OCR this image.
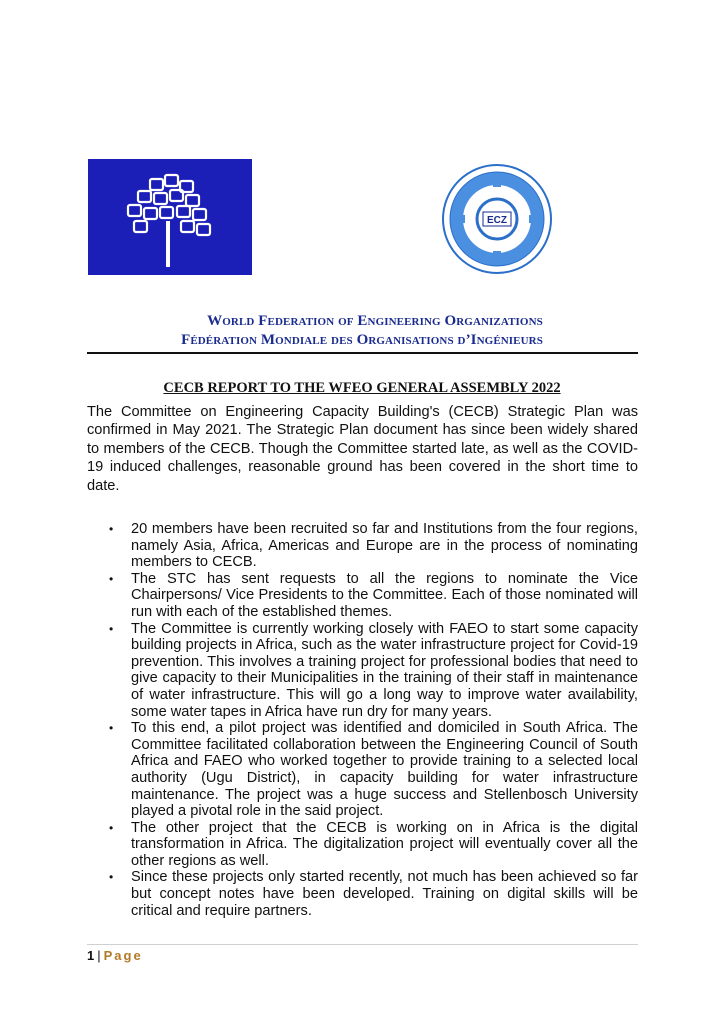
ECZ
World Federation of Engineering Organizations
Fédération Mondiale des Organisations d’Ingénieurs
CECB REPORT TO THE WFEO GENERAL ASSEMBLY 2022

The Committee on Engineering Capacity Building's (CECB) Strategic Plan was confirmed in May 2021. The Strategic Plan document has since been widely shared to members of the CECB. Though the Committee started late, as well as the COVID-19 induced challenges, reasonable ground has been covered in the short time to date.

• 20 members have been recruited so far and Institutions from the four regions, namely Asia, Africa, Americas and Europe are in the process of nominating members to CECB.
• The STC has sent requests to all the regions to nominate the Vice Chairpersons/ Vice Presidents to the Committee. Each of those nominated will run with each of the established themes.
• The Committee is currently working closely with FAEO to start some capacity building projects in Africa, such as the water infrastructure project for Covid-19 prevention. This involves a training project for professional bodies that need to give capacity to their Municipalities in the training of their staff in maintenance of water infrastructure. This will go a long way to improve water availability, some water tapes in Africa have run dry for many years.
• To this end, a pilot project was identified and domiciled in South Africa. The Committee facilitated collaboration between the Engineering Council of South Africa and FAEO who worked together to provide training to a selected local authority (Ugu District), in capacity building for water infrastructure maintenance. The project was a huge success and Stellenbosch University played a pivotal role in the said project.
• The other project that the CECB is working on in Africa is the digital transformation in Africa. The digitalization project will eventually cover all the other regions as well.
• Since these projects only started recently, not much has been achieved so far but concept notes have been developed. Training on digital skills will be critical and require partners.
1 | Page
